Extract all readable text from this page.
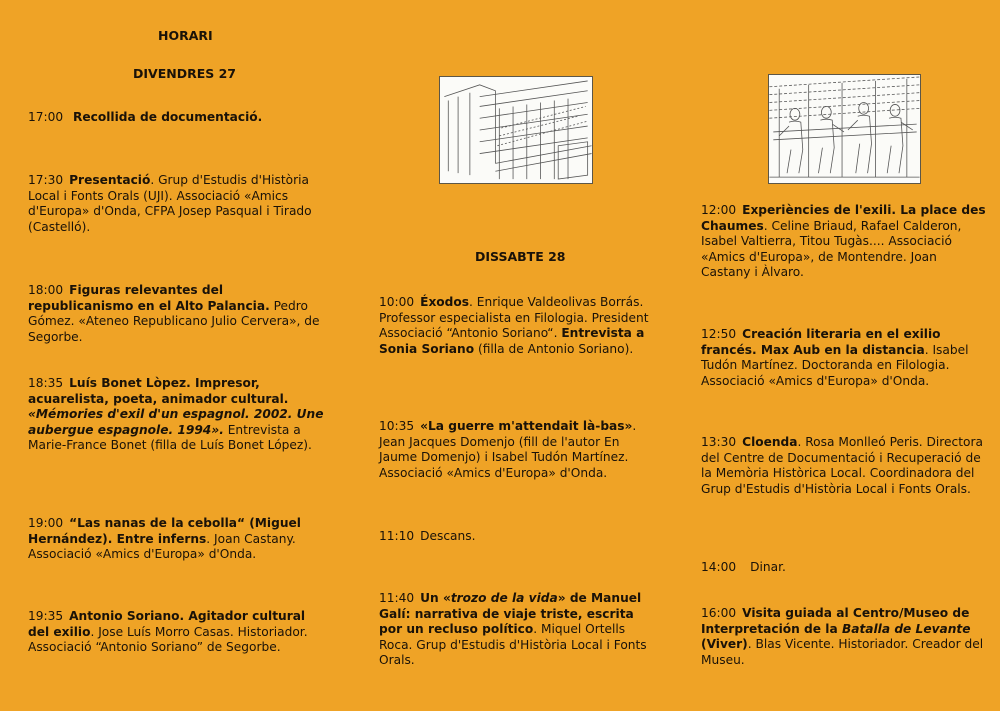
HORARI
DIVENDRES 27
17:00 Recollida de documentació.
17:30 Presentació. Grup d'Estudis d'Història Local i Fonts Orals (UJI). Associació «Amics d'Europa» d'Onda, CFPA Josep Pasqual i Tirado (Castelló).
18:00 Figuras relevantes del republicanismo en el Alto Palancia. Pedro Gómez. «Ateneo Republicano Julio Cervera», de Segorbe.
18:35 Luís Bonet Lòpez. Impresor, acuarelista, poeta, animador cultural. «Mémories d'exil d'un espagnol. 2002. Une aubergue espagnole. 1994». Entrevista a Marie-France Bonet (filla de Luís Bonet López).
19:00 “Las nanas de la cebolla“ (Miguel Hernández). Entre inferns. Joan Castany. Associació «Amics d'Europa» d'Onda.
19:35 Antonio Soriano. Agitador cultural del exilio. Jose Luís Morro Casas. Historiador. Associació “Antonio Soriano” de Segorbe.
DISSABTE 28
10:00 Éxodos. Enrique Valdeolivas Borrás. Professor especialista en Filologia. President Associació “Antonio Soriano“. Entrevista a Sonia Soriano (filla de Antonio Soriano).
10:35 «La guerre m'attendait là-bas». Jean Jacques Domenjo (fill de l'autor En Jaume Domenjo) i Isabel Tudón Martínez. Associació «Amics d'Europa» d'Onda.
11:10 Descans.
11:40 Un «trozo de la vida» de Manuel Galí: narrativa de viaje triste, escrita por un recluso político. Miquel Ortells Roca. Grup d'Estudis d'Història Local i Fonts Orals.
12:00 Experiències de l'exili. La place des Chaumes. Celine Briaud, Rafael Calderon, Isabel Valtierra, Titou Tugàs.... Associació «Amics d'Europa», de Montendre. Joan Castany i Àlvaro.
12:50 Creación literaria en el exilio francés. Max Aub en la distancia. Isabel Tudón Martínez. Doctoranda en Filologia. Associació «Amics d'Europa» d'Onda.
13:30 Cloenda. Rosa Monlleó Peris. Directora del Centre de Documentació i Recuperació de la Memòria Històrica Local. Coordinadora del Grup d'Estudis d'Història Local i Fonts Orals.
14:00 Dinar.
16:00 Visita guiada al Centro/Museo de Interpretación de la Batalla de Levante (Viver). Blas Vicente. Historiador. Creador del Museu.
